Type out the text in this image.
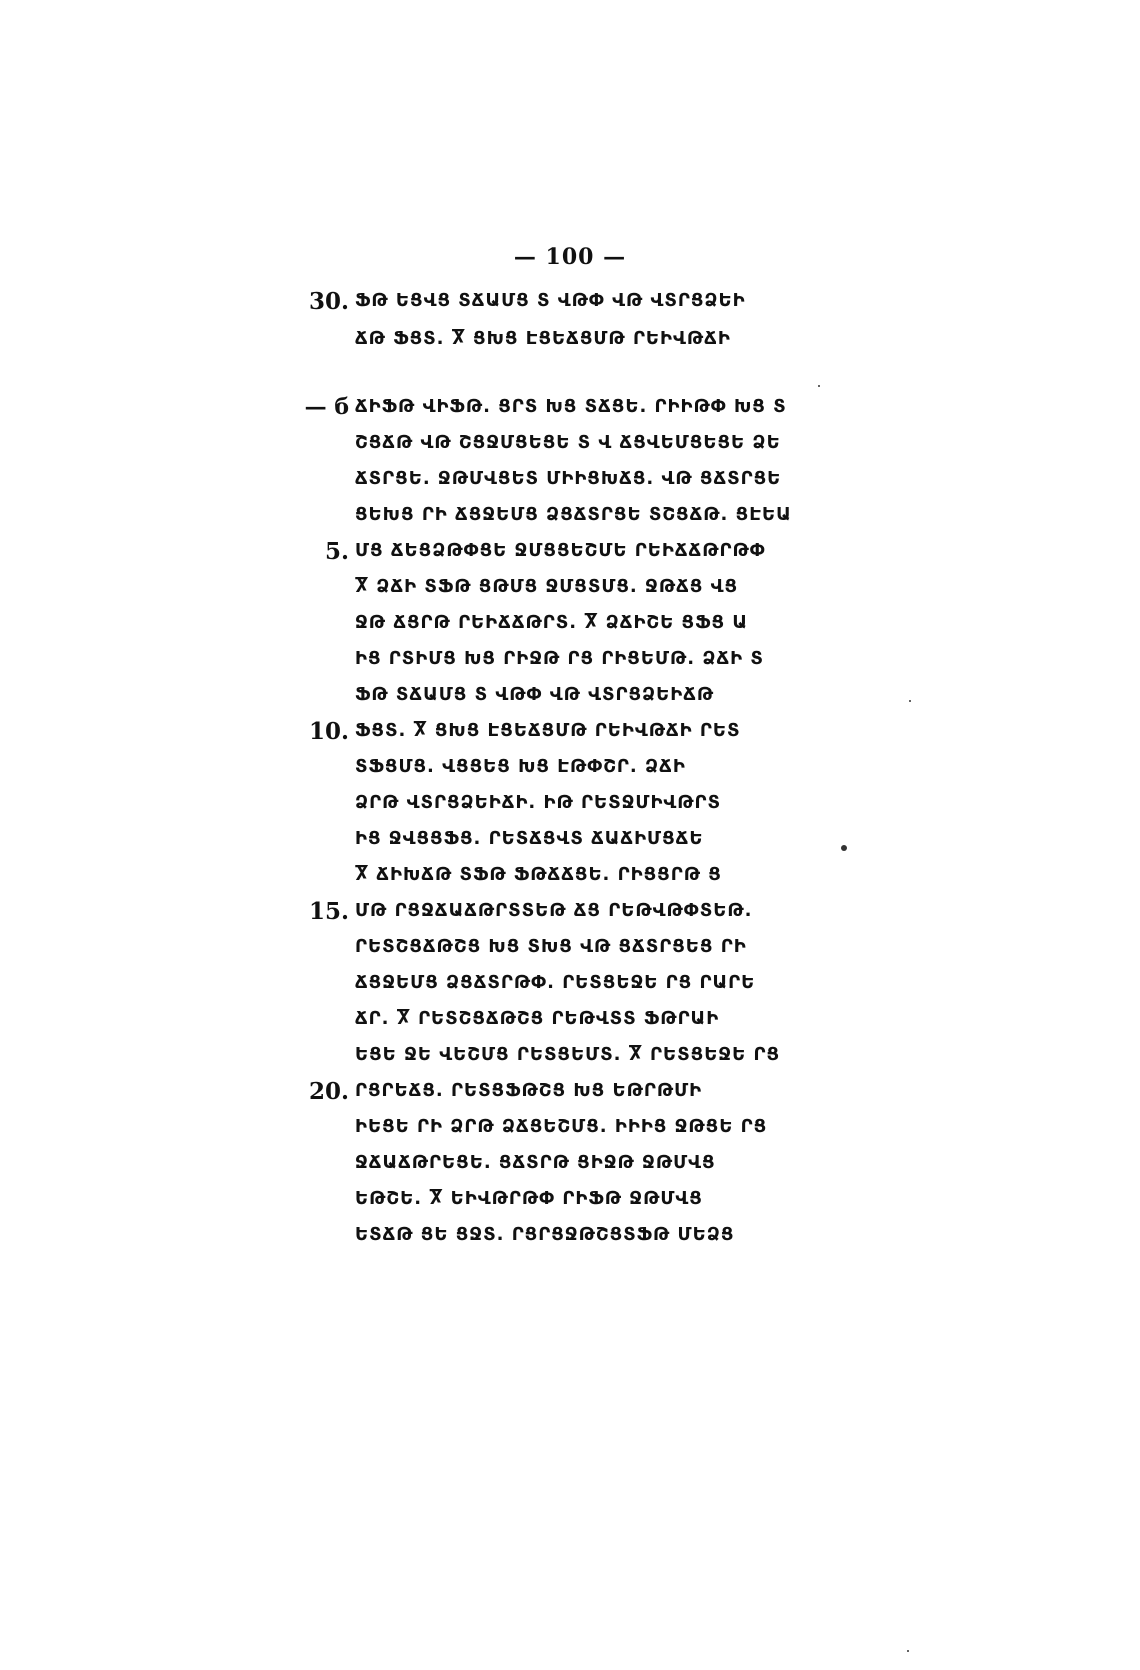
— 100 —
30. ՖԹ ԵՑՎՑ ՏՃԱՄՑ Տ ՎԹՓ ՎԹ ՎՏՐՑՁԵԻ
ՃԹ ՖՑՏ. Ⴟ ՑԽՑ ԷՑԵՃՑՄԹ ՐԵԻՎԹՃԻ
— б ՃԻՖԹ ՎԻՖԹ. ՑՐՏ ԽՑ ՏՃՑԵ. ՐԻԻԹՓ ԽՑ Տ
ՇՑՃԹ ՎԹ ՇՑՋՄՑԵՑԵ Տ Վ ՃՑՎԵՄՑԵՑԵ ՁԵ
ՃՏՐՑԵ. ՋԹՄՎՑԵՏ ՄԻԻՑԽՃՑ. ՎԹ ՑՃՏՐՑԵ
ՑԵԽՑ ՐԻ ՃՑՋԵՄՑ ՁՑՃՏՐՑԵ ՏՇՑՃԹ. ՑԷԵԱ
5. ՄՑ ՃԵՑՁԹՓՑԵ ՋՄՑՑԵՇՄԵ ՐԵԻՃՃԹՐԹՓ
Ⴟ ՁՃԻ ՏՖԹ ՑԹՄՑ ՋՄՑՏՄՑ. ՋԹՃՑ ՎՑ
ՋԹ ՃՑՐԹ ՐԵԻՃՃԹՐՏ. Ⴟ ՁՃԻՇԵ ՑՖՑ Ա
ԻՑ ՐՏԻՄՑ ԽՑ ՐԻՋԹ ՐՑ ՐԻՑԵՄԹ. ՁՃԻ Տ
ՖԹ ՏՃԱՄՑ Տ ՎԹՓ ՎԹ ՎՏՐՑՁԵԻՃԹ
10. ՖՑՏ. Ⴟ ՑԽՑ ԷՑԵՃՑՄԹ ՐԵԻՎԹՃԻ ՐԵՏ
ՏՖՑՄՑ. ՎՑՑԵՑ ԽՑ ԷԹՓՇՐ. ՁՃԻ
ՁՐԹ ՎՏՐՑՁԵԻՃԻ. ԻԹ ՐԵՏՋՄԻՎԹՐՏ
ԻՑ ՋՎՑՑՖՑ. ՐԵՏՃՑՎՏ ՃԱՃԻՄՑՃԵ
Ⴟ ՃԻԽՃԹ ՏՖԹ ՖԹՃՃՑԵ. ՐԻՑՑՐԹ Ց
15. ՄԹ ՐՑՋՃԱՃԹՐՏՏԵԹ ՃՑ ՐԵԹՎԹՓՏԵԹ.
ՐԵՏՇՑՃԹՇՑ ԽՑ ՏԽՑ ՎԹ ՑՃՏՐՑԵՑ ՐԻ
ՃՑՋԵՄՑ ՁՑՃՏՐԹՓ. ՐԵՏՑԵՋԵ ՐՑ ՐԱՐԵ
ՃՐ. Ⴟ ՐԵՏՇՑՃԹՇՑ ՐԵԹՎՏՏ ՖԹՐԱԻ
ԵՑԵ ՋԵ ՎԵՇՄՑ ՐԵՏՑԵՄՏ. Ⴟ ՐԵՏՑԵՋԵ ՐՑ
20. ՐՑՐԵՃՑ. ՐԵՏՑՖԹՇՑ ԽՑ ԵԹՐԹՄԻ
ԻԵՑԵ ՐԻ ՁՐԹ ՁՃՑԵՇՄՑ. ԻԻԻՑ ՋԹՑԵ ՐՑ
ՋՃԱՃԹՐԵՑԵ. ՑՃՏՐԹ ՑԻՋԹ ՋԹՄՎՑ
ԵԹՇԵ. Ⴟ ԵԻՎԹՐԹՓ ՐԻՖԹ ՋԹՄՎՑ
ԵՏՃԹ ՑԵ ՑՋՏ. ՐՑՐՑՋԹՇՑՏՖԹ ՄԵՁՑ
